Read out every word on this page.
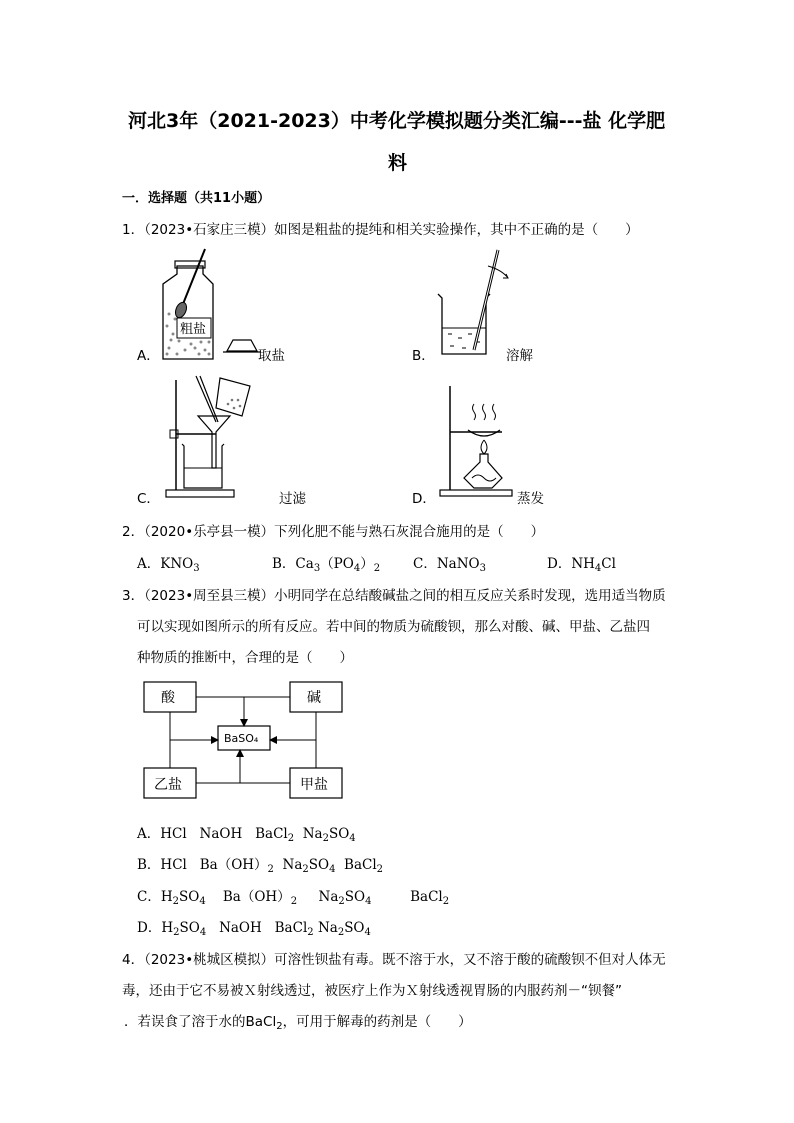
河北3年（2021-2023）中考化学模拟题分类汇编---盐 化学肥
料
一．选择题（共11小题）
1．（2023•石家庄三模）如图是粗盐的提纯和相关实验操作，其中不正确的是（　　）
A．
粗盐
取盐	B．	溶解
C．	过滤	D．	蒸发
2．（2020•乐亭县一模）下列化肥不能与熟石灰混合施用的是（　　）
A．$KNO_3$	B．$Ca_3(PO_4)_2$ C．NaNO$_3$	D．$NH_4Cl$
3．（2023•周至县三模）小明同学在总结酸碱盐之间的相互反应关系时发现，选用适当物质
可以实现如图所示的所有反应。若中间的物质为硫酸钡，那么对酸、碱、甲盐、乙盐四
种物质的推断中，合理的是（　　）
酸	碱
乙盐	甲盐
BaSO₄
A．HCl NaOH BaCl$_2$ $Na_2SO_4$
B．HCl $Ba(OH)_2$ $Na_2SO_4$ BaCl$_2$
C．$H_2SO_4$ $Ba(OH)_2$ $Na_2SO_4$	BaCl$_2$
D．$H_2SO_4$ NaOH BaCl$_2$ $Na_2SO_4$
4．（2023•桃城区模拟）可溶性钡盐有毒。既不溶于水，又不溶于酸的硫酸钡不但对人体无
毒，还由于它不易被Ｘ射线透过，被医疗上作为Ｘ射线透视胃肠的内服药剂－“钡餐”
．若误食了溶于水的BaCl$_2$，可用于解毒的药剂是（　　）
